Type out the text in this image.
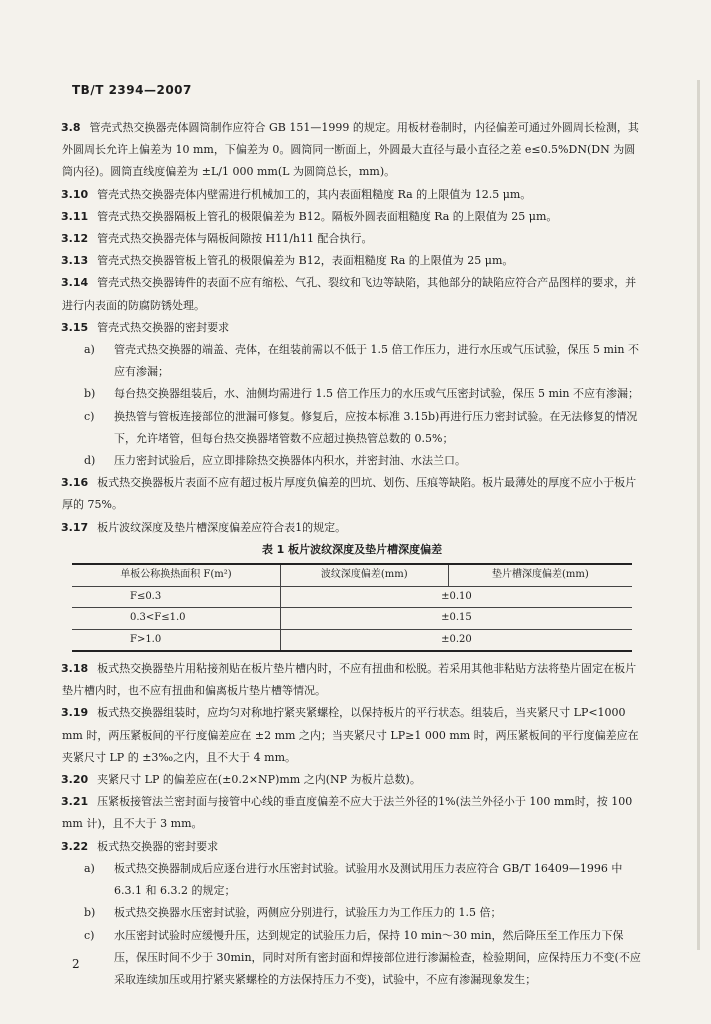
TB/T 2394—2007

3.8 管壳式热交换器壳体圆筒制作应符合 GB 151—1999 的规定。用板材卷制时，内径偏差可通过外圆周长检测，其外圆周长允许上偏差为 10 mm，下偏差为 0。圆筒同一断面上，外圆最大直径与最小直径之差 e≤0.5%DN(DN 为圆筒内径)。圆筒直线度偏差为 ±L/1 000 mm(L 为圆筒总长，mm)。

3.10 管壳式热交换器壳体内壁需进行机械加工的，其内表面粗糙度 Ra 的上限值为 12.5 μm。

3.11 管壳式热交换器隔板上管孔的极限偏差为 B12。隔板外圆表面粗糙度 Ra 的上限值为 25 μm。

3.12 管壳式热交换器壳体与隔板间隙按 H11/h11 配合执行。

3.13 管壳式热交换器管板上管孔的极限偏差为 B12，表面粗糙度 Ra 的上限值为 25 μm。

3.14 管壳式热交换器铸件的表面不应有缩松、气孔、裂纹和飞边等缺陷，其他部分的缺陷应符合产品图样的要求，并进行内表面的防腐防锈处理。

3.15 管壳式热交换器的密封要求

a) 管壳式热交换器的端盖、壳体，在组装前需以不低于 1.5 倍工作压力，进行水压或气压试验，保压 5 min 不应有渗漏；

b) 每台热交换器组装后，水、油侧均需进行 1.5 倍工作压力的水压或气压密封试验，保压 5 min 不应有渗漏；

c) 换热管与管板连接部位的泄漏可修复。修复后，应按本标准 3.15b)再进行压力密封试验。在无法修复的情况下，允许堵管，但每台热交换器堵管数不应超过换热管总数的 0.5%；

d) 压力密封试验后，应立即排除热交换器体内积水，并密封油、水法兰口。

3.16 板式热交换器板片表面不应有超过板片厚度负偏差的凹坑、划伤、压痕等缺陷。板片最薄处的厚度不应小于板片厚的 75%。

3.17 板片波纹深度及垫片槽深度偏差应符合表1的规定。

表 1 板片波纹深度及垫片槽深度偏差

单板公称换热面积 F(m²)	波纹深度偏差(mm)	垫片槽深度偏差(mm)
F≤0.3	±0.10	
0.3<F≤1.0	±0.15	
F>1.0	±0.20	

3.18 板式热交换器垫片用粘接剂贴在板片垫片槽内时，不应有扭曲和松脱。若采用其他非粘贴方法将垫片固定在板片垫片槽内时，也不应有扭曲和偏离板片垫片槽等情况。

3.19 板式热交换器组装时，应均匀对称地拧紧夹紧螺栓，以保持板片的平行状态。组装后，当夹紧尺寸 LP<1000 mm 时，两压紧板间的平行度偏差应在 ±2 mm 之内；当夹紧尺寸 LP≥1 000 mm 时，两压紧板间的平行度偏差应在夹紧尺寸 LP 的 ±3‰之内，且不大于 4 mm。

3.20 夹紧尺寸 LP 的偏差应在(±0.2×NP)mm 之内(NP 为板片总数)。

3.21 压紧板接管法兰密封面与接管中心线的垂直度偏差不应大于法兰外径的1%(法兰外径小于 100 mm时，按 100 mm 计)，且不大于 3 mm。

3.22 板式热交换器的密封要求

a) 板式热交换器制成后应逐台进行水压密封试验。试验用水及测试用压力表应符合 GB/T 16409—1996 中 6.3.1 和 6.3.2 的规定；

b) 板式热交换器水压密封试验，两侧应分别进行，试验压力为工作压力的 1.5 倍；

c) 水压密封试验时应缓慢升压，达到规定的试验压力后，保持 10 min～30 min，然后降压至工作压力下保压，保压时间不少于 30min，同时对所有密封面和焊接部位进行渗漏检查，检验期间，应保持压力不变(不应采取连续加压或用拧紧夹紧螺栓的方法保持压力不变)，试验中，不应有渗漏现象发生；

2
